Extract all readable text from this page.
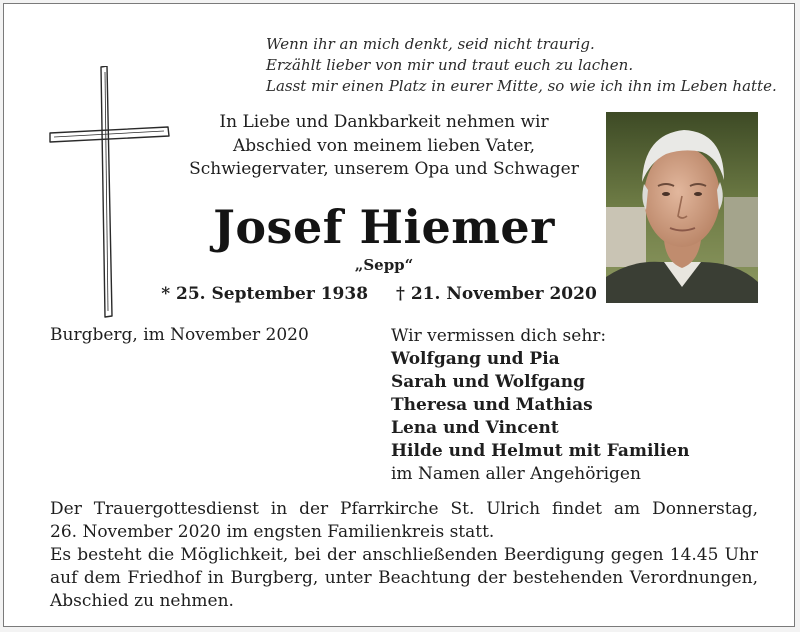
Wenn ihr an mich denkt, seid nicht traurig.
Erzählt lieber von mir und traut euch zu lachen.
Lasst mir einen Platz in eurer Mitte, so wie ich ihn im Leben hatte.
In Liebe und Dankbarkeit nehmen wir
Abschied von meinem lieben Vater,
Schwiegervater, unserem Opa und Schwager
Josef Hiemer
„Sepp“
* 25. September 1938 † 21. November 2020
Burgberg, im November 2020	Wir vermissen dich sehr:
Wolfgang und Pia
Sarah und Wolfgang
Theresa und Mathias
Lena und Vincent
Hilde und Helmut mit Familien
im Namen aller Angehörigen
Der Trauergottesdienst in der Pfarrkirche St. Ulrich findet am Donnerstag,
26. November 2020 im engsten Familienkreis statt.
Es besteht die Möglichkeit, bei der anschließenden Beerdigung gegen 14.45 Uhr
auf dem Friedhof in Burgberg, unter Beachtung der bestehenden Verordnungen,
Abschied zu nehmen.
